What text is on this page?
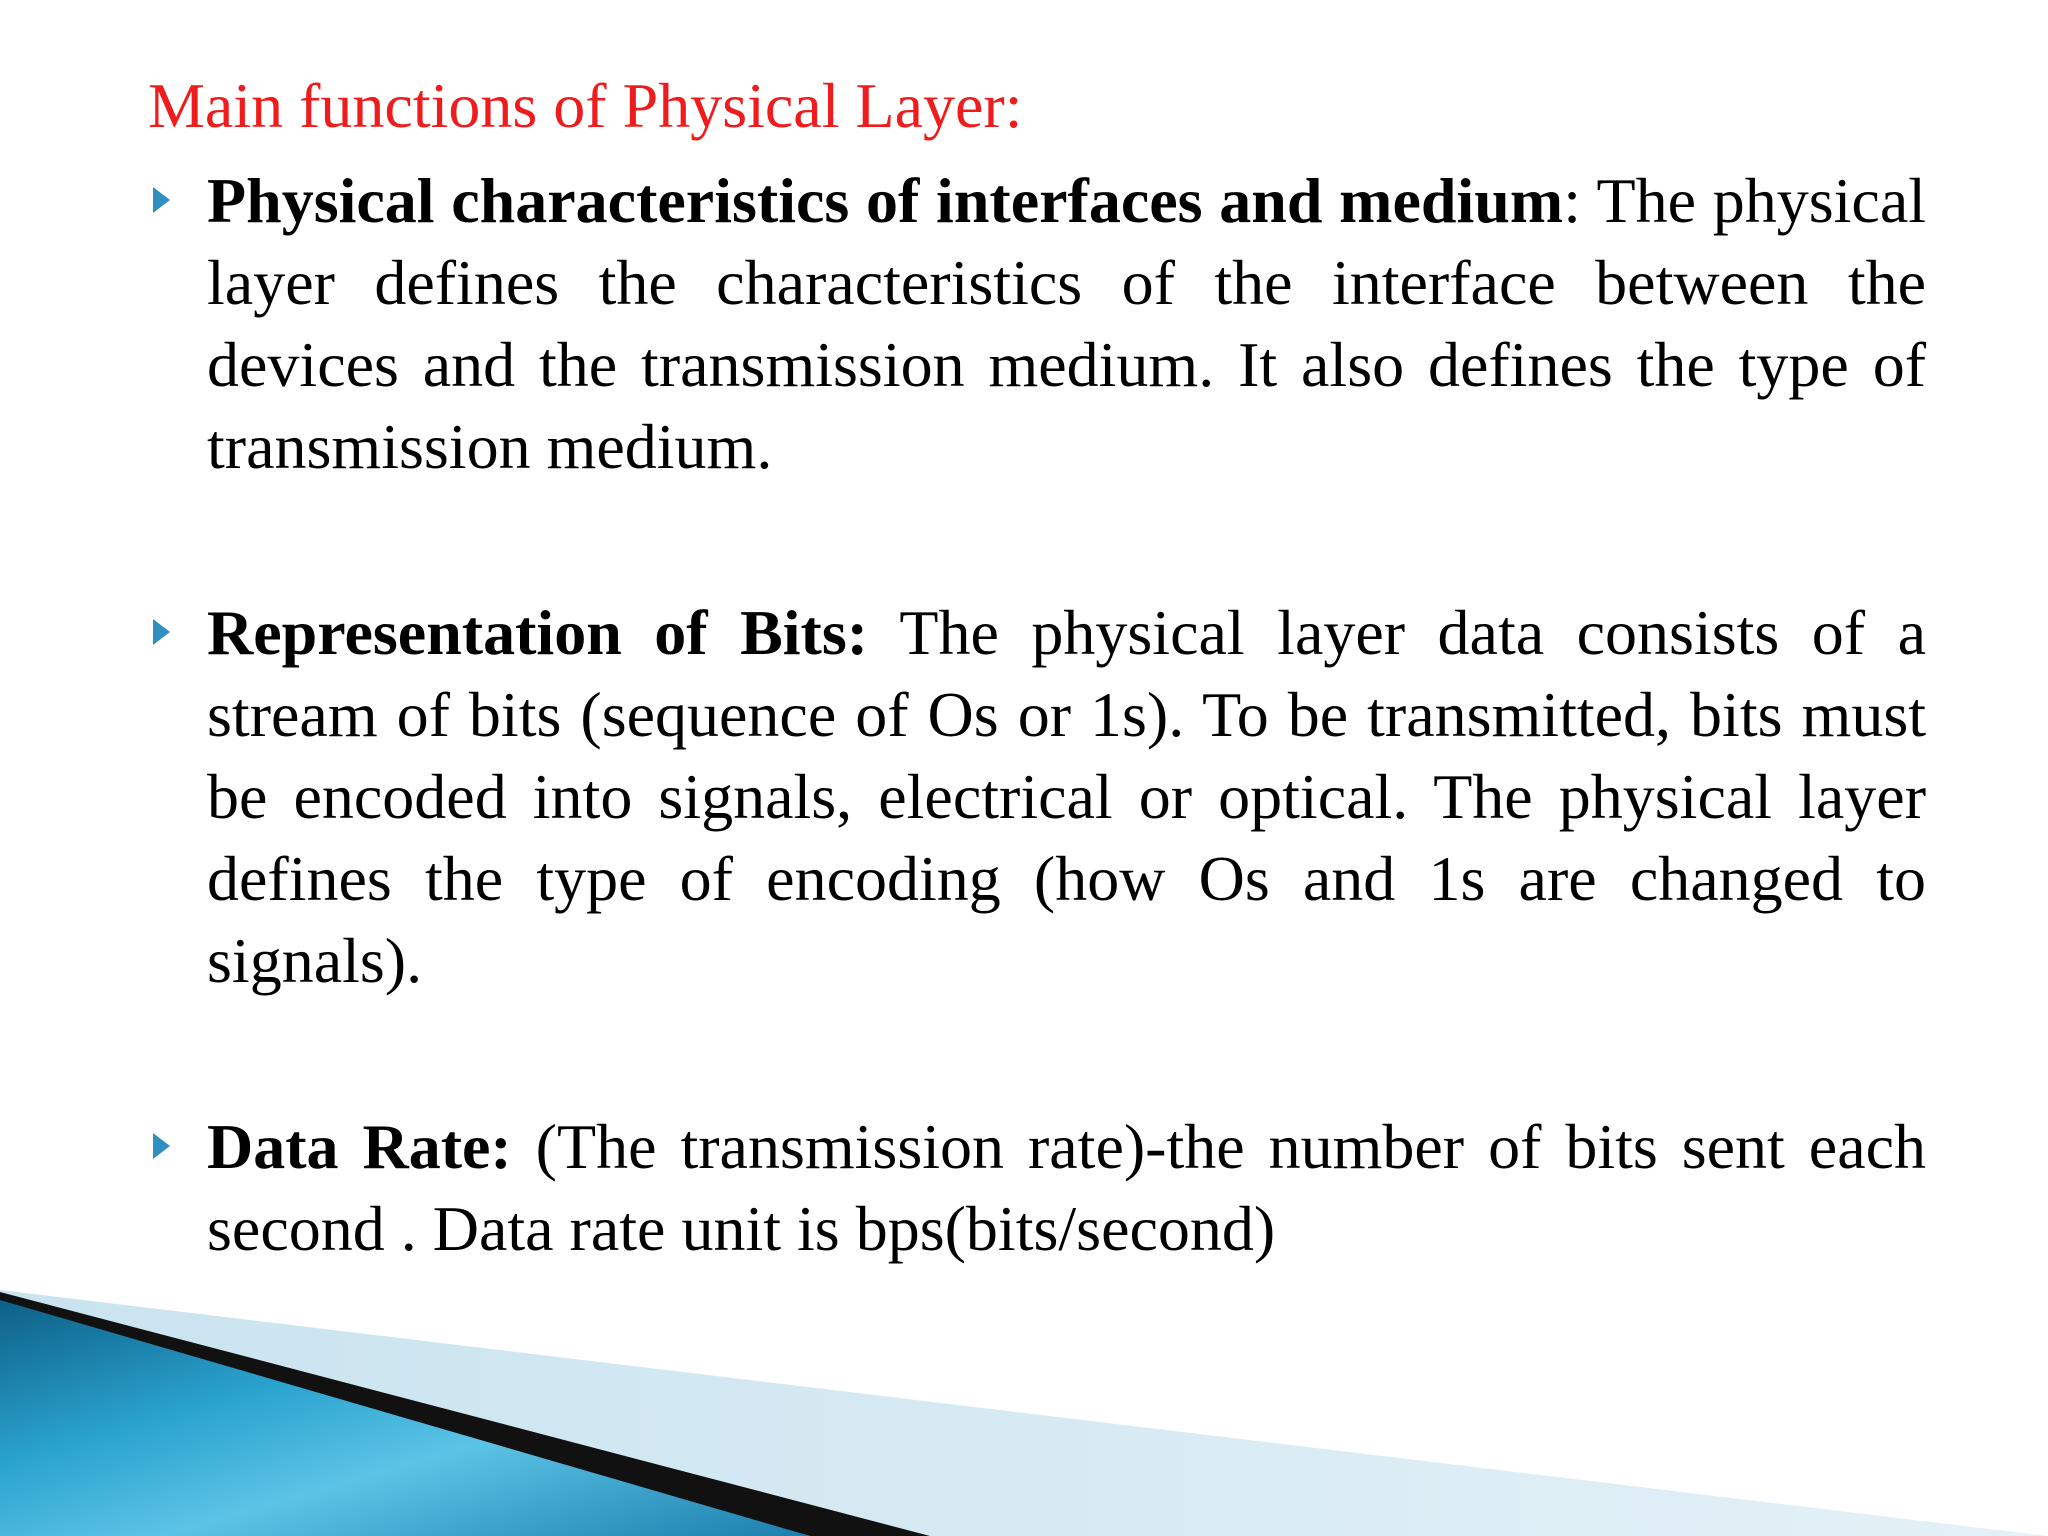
Main functions of Physical Layer:
Physical characteristics of interfaces and medium: The physical layer defines the characteristics of the interface between the devices and the transmission medium. It also defines the type of transmission medium.
Representation of Bits: The physical layer data consists of a stream of bits (sequence of Os or 1s). To be transmitted, bits must be encoded into signals, electrical or optical. The physical layer defines the type of encoding (how Os and 1s are changed to signals).
Data Rate: (The transmission rate)-the number of bits sent each second . Data rate unit is bps(bits/second)
